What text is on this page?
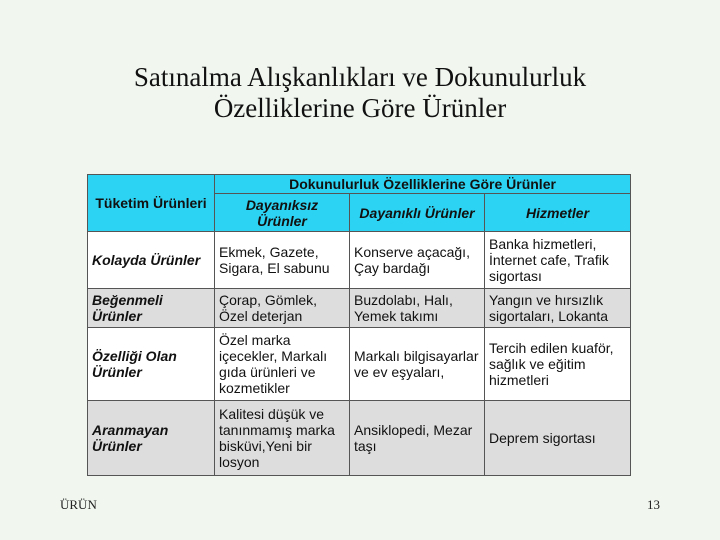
Satınalma Alışkanlıkları ve Dokunulurluk
Özelliklerine Göre Ürünler
Tüketim Ürünleri	Dokunulurluk Özelliklerine Göre Ürünler		
	Dayanıksız Ürünler	Dayanıklı Ürünler	Hizmetler
Kolayda Ürünler	Ekmek, Gazete, Sigara, El sabunu	Konserve açacağı, Çay bardağı	Banka hizmetleri, İnternet cafe, Trafik sigortası
Beğenmeli Ürünler	Çorap, Gömlek, Özel deterjan	Buzdolabı, Halı, Yemek takımı	Yangın ve hırsızlık sigortaları, Lokanta
Özelliği Olan Ürünler	Özel marka içecekler, Markalı gıda ürünleri ve kozmetikler	Markalı bilgisayarlar ve ev eşyaları,	Tercih edilen kuaför, sağlık ve eğitim hizmetleri
Aranmayan Ürünler	Kalitesi düşük ve tanınmamış marka bisküvi,Yeni bir losyon	Ansiklopedi, Mezar taşı	Deprem sigortası
ÜRÜN	13
